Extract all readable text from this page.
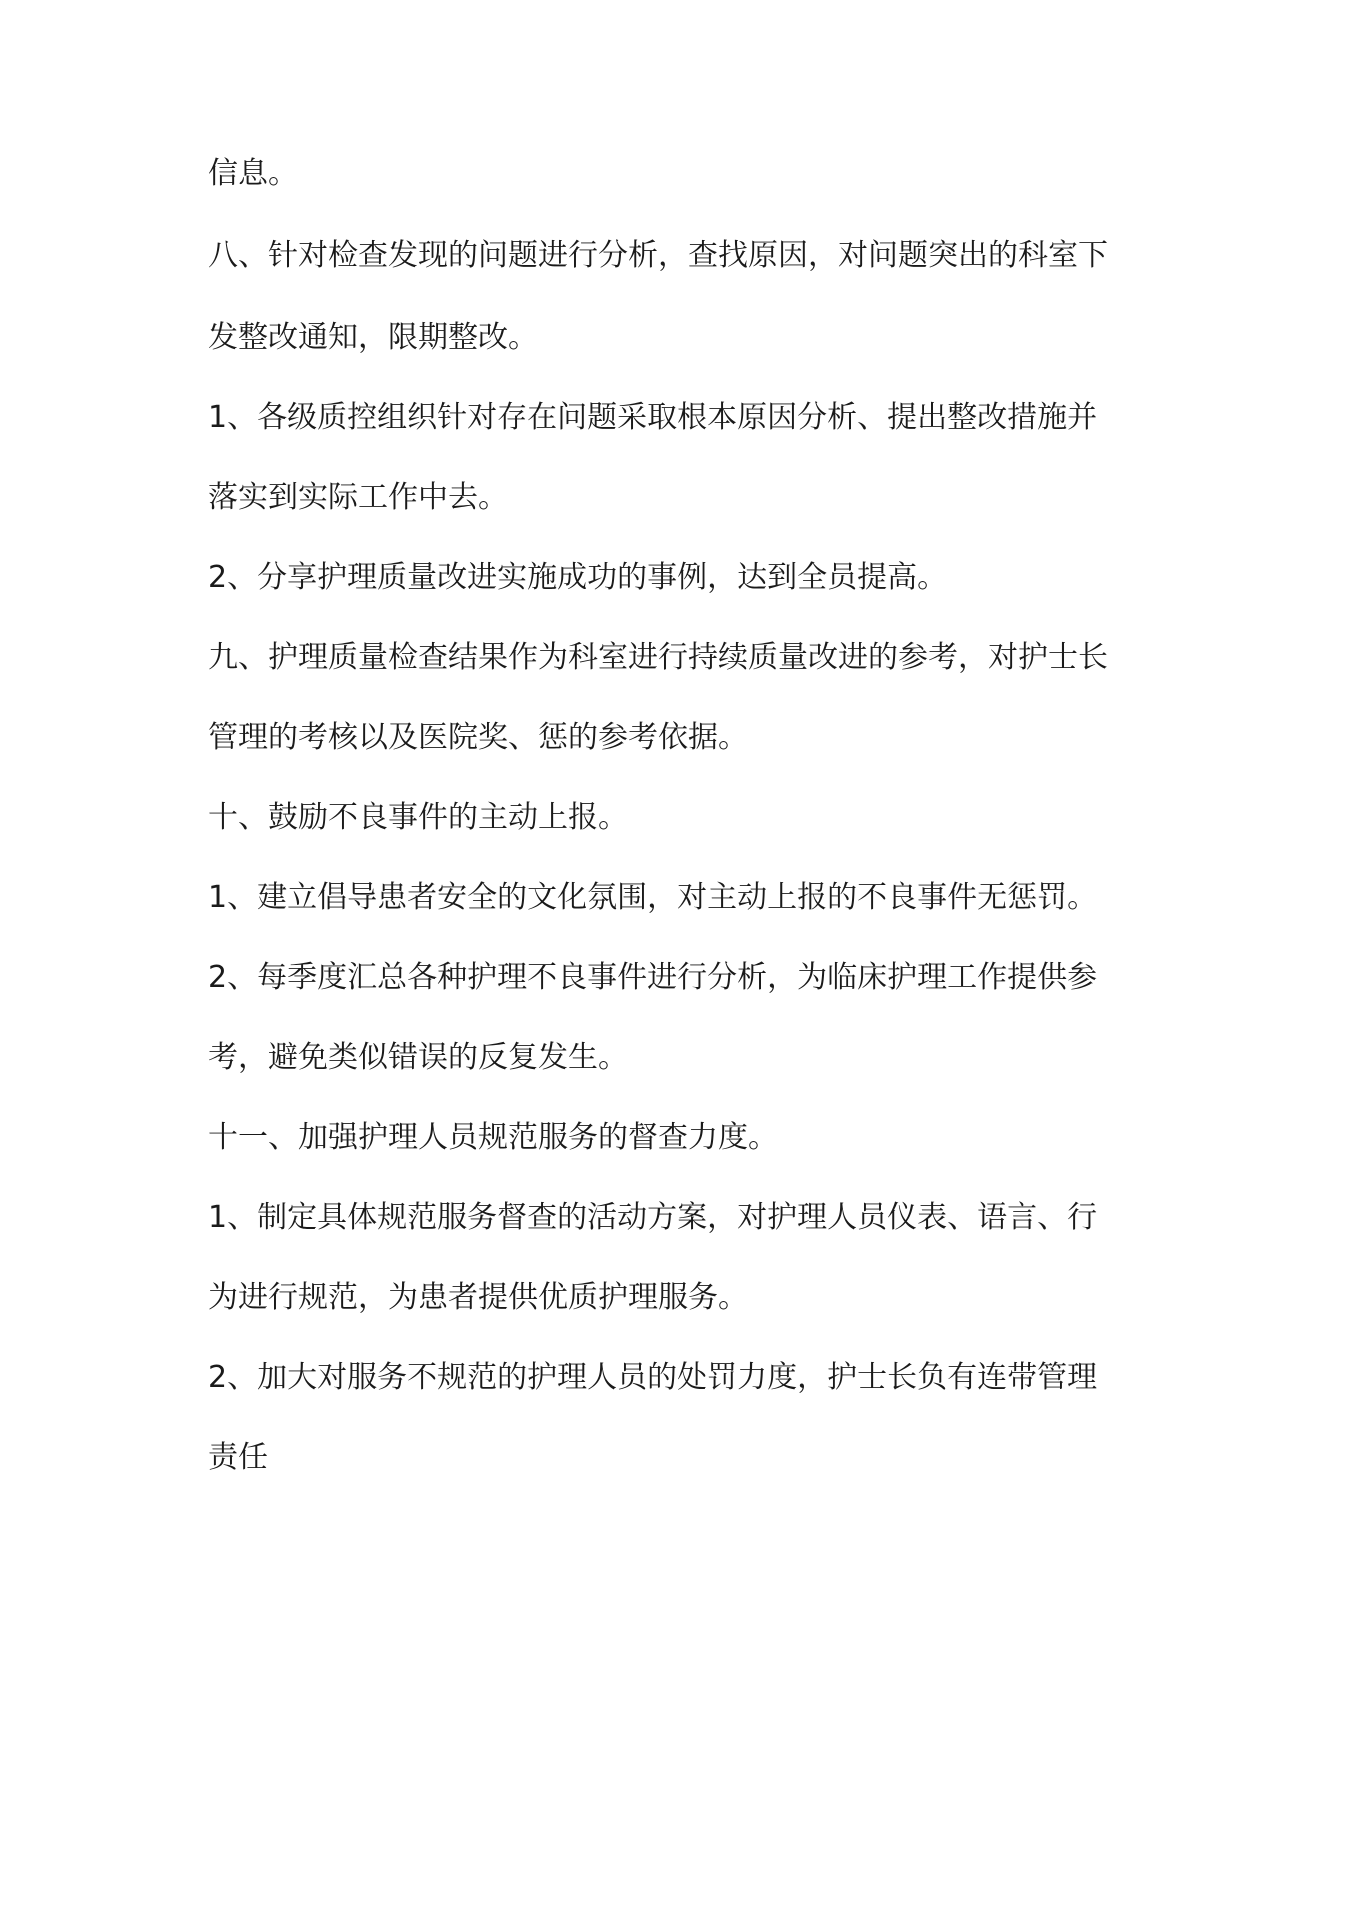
信息。
八、针对检查发现的问题进行分析，查找原因，对问题突出的科室下
发整改通知，限期整改。
1、各级质控组织针对存在问题采取根本原因分析、提出整改措施并
落实到实际工作中去。
2、分享护理质量改进实施成功的事例，达到全员提高。
九、护理质量检查结果作为科室进行持续质量改进的参考，对护士长
管理的考核以及医院奖、惩的参考依据。
十、鼓励不良事件的主动上报。
1、建立倡导患者安全的文化氛围，对主动上报的不良事件无惩罚。
2、每季度汇总各种护理不良事件进行分析，为临床护理工作提供参
考，避免类似错误的反复发生。
十一、加强护理人员规范服务的督查力度。
1、制定具体规范服务督查的活动方案，对护理人员仪表、语言、行
为进行规范，为患者提供优质护理服务。
2、加大对服务不规范的护理人员的处罚力度，护士长负有连带管理
责任
